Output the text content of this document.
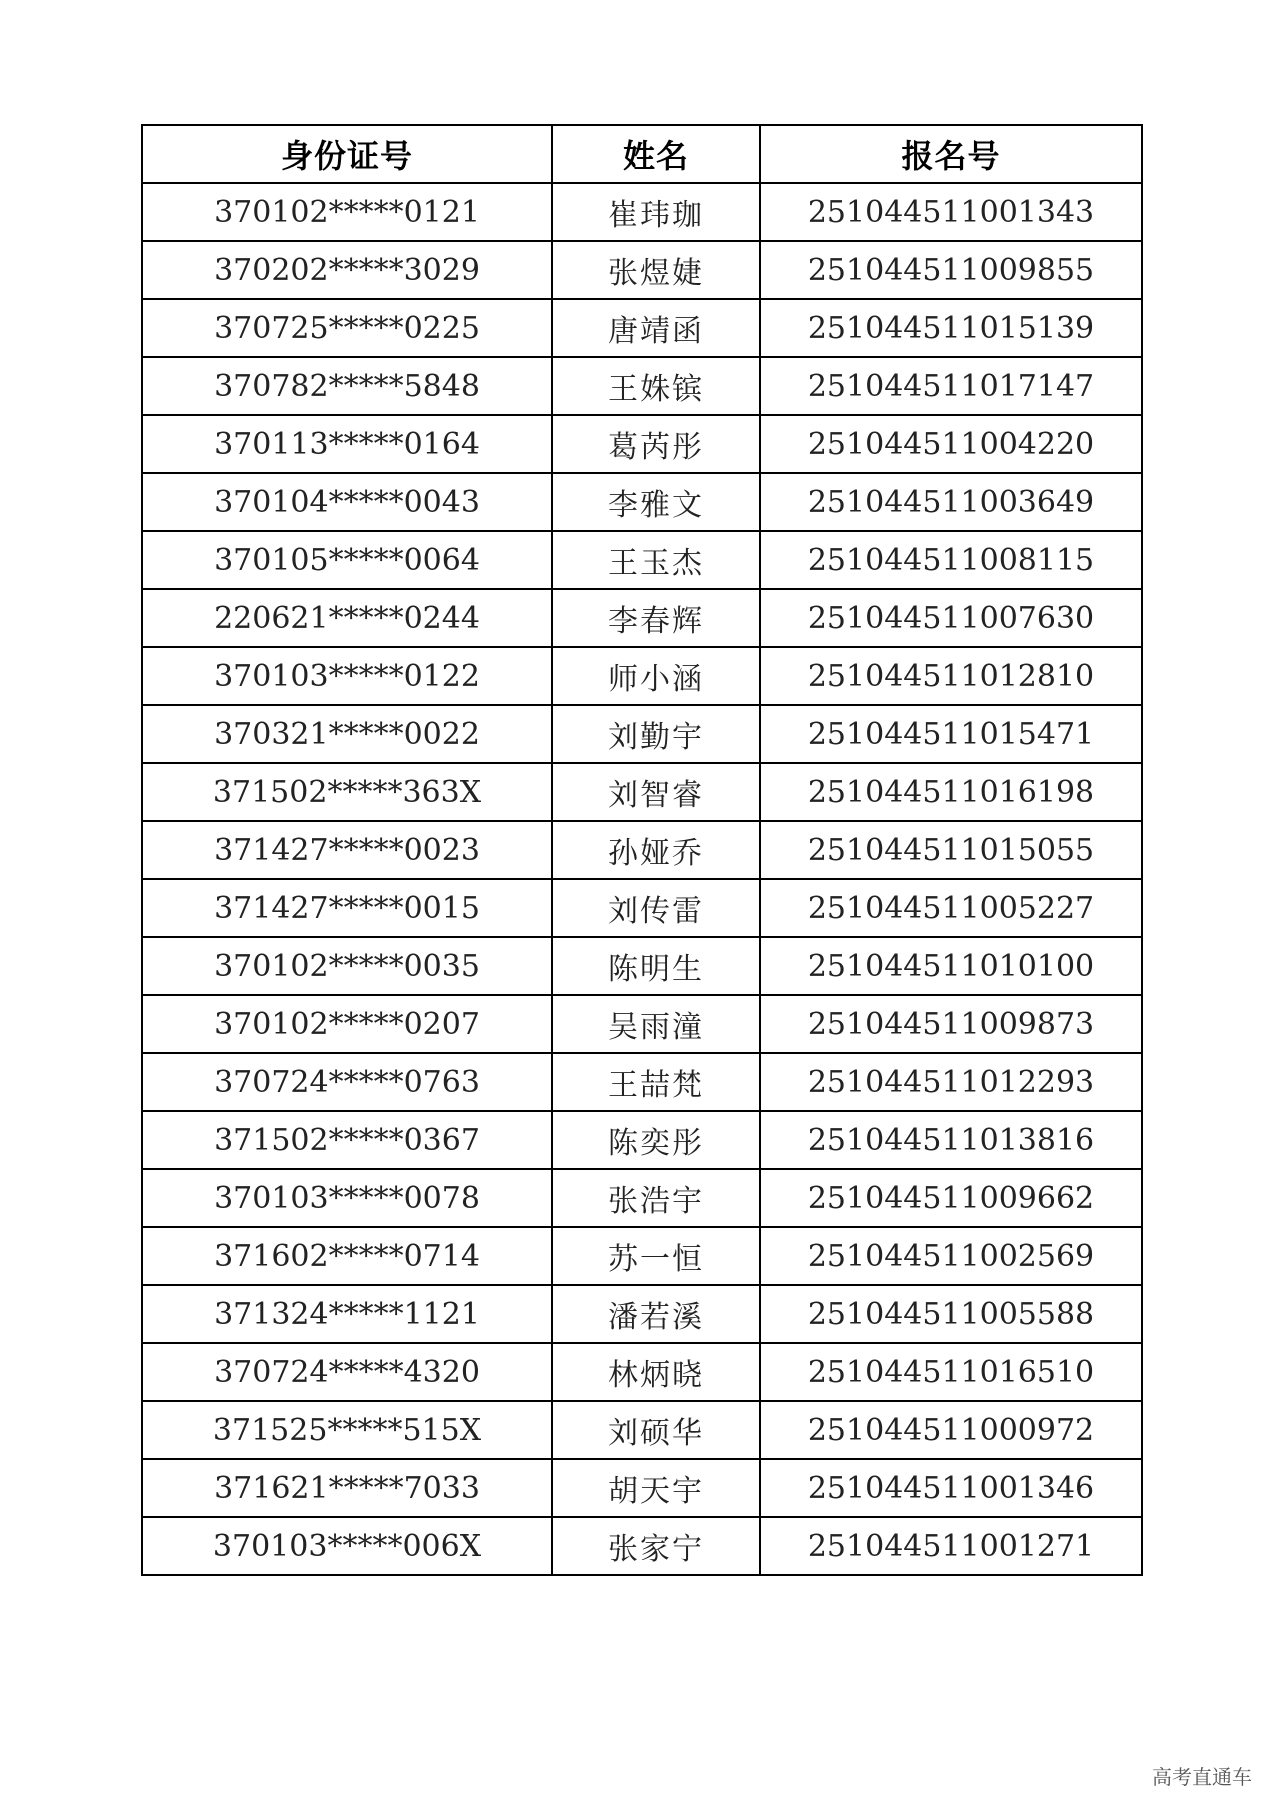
身份证号	姓名	报名号
370102*****0121	崔玮珈	251044511001343
370202*****3029	张煜婕	251044511009855
370725*****0225	唐靖函	251044511015139
370782*****5848	王姝镔	251044511017147
370113*****0164	葛芮彤	251044511004220
370104*****0043	李雅文	251044511003649
370105*****0064	王玉杰	251044511008115
220621*****0244	李春辉	251044511007630
370103*****0122	师小涵	251044511012810
370321*****0022	刘勤宇	251044511015471
371502*****363X	刘智睿	251044511016198
371427*****0023	孙娅乔	251044511015055
371427*****0015	刘传雷	251044511005227
370102*****0035	陈明生	251044511010100
370102*****0207	吴雨潼	251044511009873
370724*****0763	王喆梵	251044511012293
371502*****0367	陈奕彤	251044511013816
370103*****0078	张浩宇	251044511009662
371602*****0714	苏一恒	251044511002569
371324*****1121	潘若溪	251044511005588
370724*****4320	林炳晓	251044511016510
371525*****515X	刘硕华	251044511000972
371621*****7033	胡天宇	251044511001346
370103*****006X	张家宁	251044511001271
高考直通车
